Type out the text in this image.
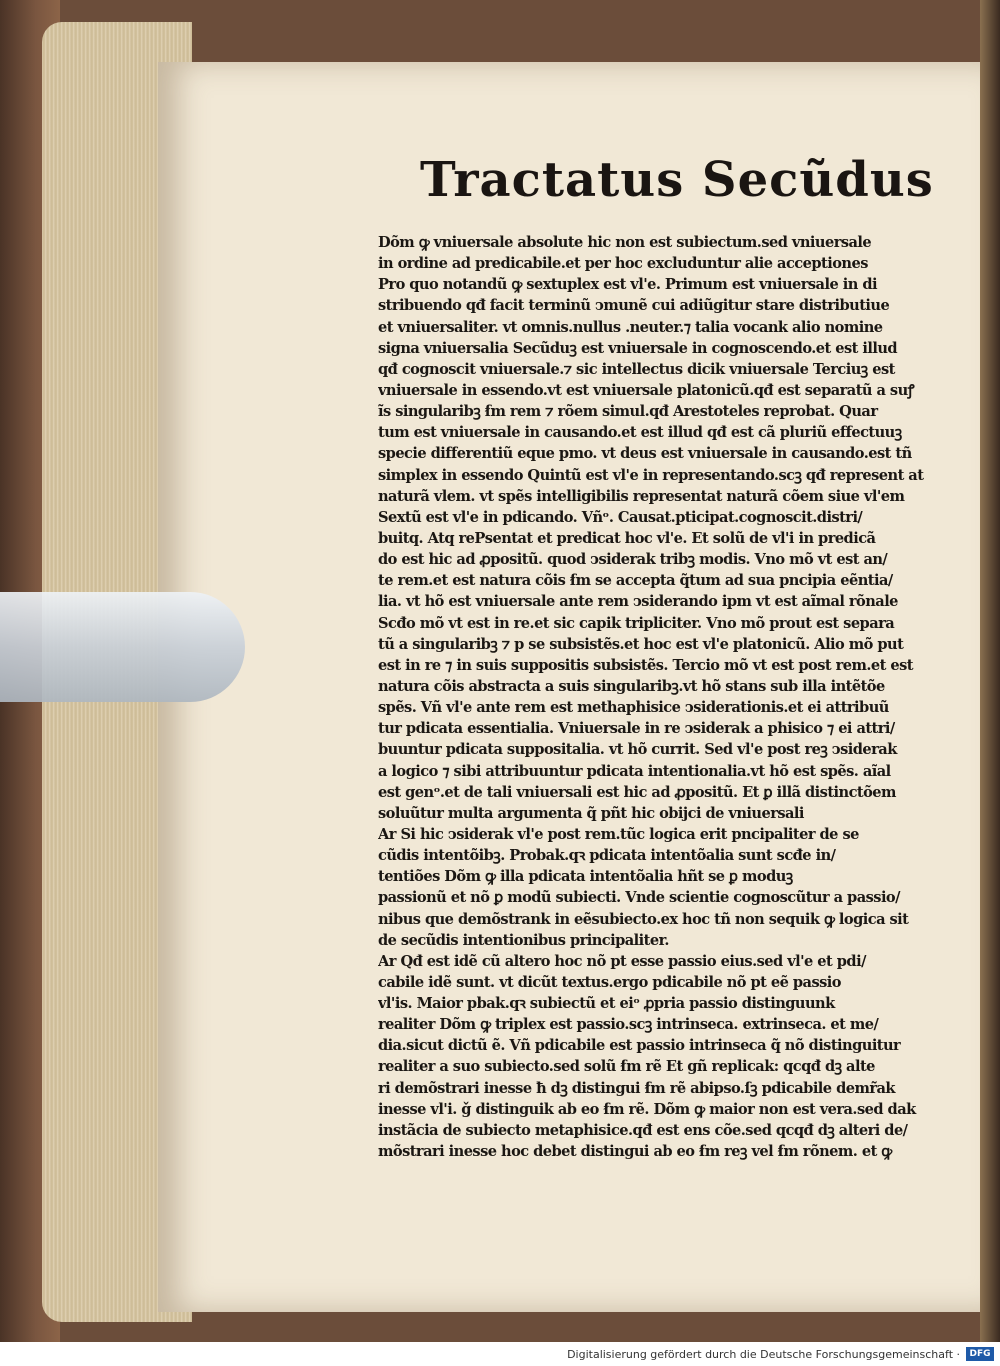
Tractatus Secũdus
Dõm ꝙ vniuersale absolute hic non est subiectum.sed vniuersale
in ordine ad predicabile.et per hoc excluduntur alie acceptiones
Pro quo notandũ ꝙ sextuplex est vl'e. Primum est vniuersale in di
stribuendo qđ facit terminũ ↄmunẽ cui adiũgitur stare distributiue
et vniuersaliter. vt omnis.nullus .neuter.⁊ talia vocank alio nomine
signa vniuersalia Secũduꝫ est vniuersale in cognoscendo.et est illud
qđ cognoscit vniuersale.⁊ sic intellectus dicik vniuersale Terciuꝫ est
vniuersale in essendo.vt est vniuersale platonicũ.qđ est separatũ a suꝭ
ĩs singularibꝫ ẜm rem ⁊ rõem simul.qđ Arestoteles reprobat. Quar
tum est vniuersale in causando.et est illud qđ est cã pluriũ effectuuꝫ
specie differentiũ eque pmo. vt deus est vniuersale in causando.est tñ
simplex in essendo Quintũ est vl'e in representando.scꝫ qđ represent at
naturã vlem. vt spẽs intelligibilis representat naturã cõem siue vl'em
Sextũ est vl'e in pdicando. Vñᵒ. Causat.pticipat.cognoscit.distri/
buitq. Atq rePsentat et predicat hoc vl'e. Et solũ de vl'i in predicã
do est hic ad ꝓpositũ. quod ↄsiderak tribꝫ modis. Vno mõ vt est an/
te rem.et est natura cõis ẜm se accepta q̃tum ad sua pncipia eẽntia/
lia. vt hõ est vniuersale ante rem ↄsiderando ipm vt est aĩmal rõnale
Scđo mõ vt est in re.et sic capik tripliciter. Vno mõ prout est separa
tũ a singularibꝫ ⁊ p se subsistẽs.et hoc est vl'e platonicũ. Alio mõ put
est in re ⁊ in suis suppositis subsistẽs. Tercio mõ vt est post rem.et est
natura cõis abstracta a suis singularibꝫ.vt hõ stans sub illa intẽtõe
spẽs. Vñ vl'e ante rem est methaphisice ↄsiderationis.et ei attribuũ
tur pdicata essentialia. Vniuersale in re ↄsiderak a phisico ⁊ ei attri/
buuntur pdicata suppositalia. vt hõ currit. Sed vl'e post reꝫ ↄsiderak
a logico ⁊ sibi attribuuntur pdicata intentionalia.vt hõ est spẽs. aĩal
est genᵒ.et de tali vniuersali est hic ad ꝓpositũ. Et ꝑ illã distinctõem
soluũtur multa argumenta q̃ pñt hic obijci de vniuersali
Ar Si hic ↄsiderak vl'e post rem.tũc logica erit pncipaliter de se
cũdis intentõibꝫ. Probak.qꝛ pdicata intentõalia sunt scđe in/
tentiões Dõm ꝙ illa pdicata intentõalia hñt se ꝑ moduꝫ
passionũ et nõ ꝑ modũ subiecti. Vnde scientie cognoscũtur a passio/
nibus que demõstrank in eẽsubiecto.ex hoc tñ non sequik ꝙ logica sit
de secũdis intentionibus principaliter.
Ar Qđ est idẽ cũ altero hoc nõ pt esse passio eius.sed vl'e et pdi/
cabile idẽ sunt. vt dicũt textus.ergo pdicabile nõ pt eẽ passio
vl'is. Maior pbak.qꝛ subiectũ et eiᵒ ꝓpria passio distinguunk
realiter Dõm ꝙ triplex est passio.scꝫ intrinseca. extrinseca. et me/
dia.sicut dictũ ẽ. Vñ pdicabile est passio intrinseca q̃ nõ distinguitur
realiter a suo subiecto.sed solũ ẜm rẽ Et gñ replicak: qcqđ dꝫ alte
ri demõstrari inesse ħ dꝫ distingui ẜm rẽ abipso.ſꝫ pdicabile demr̃ak
inesse vl'i. ǧ distinguik ab eo ẜm rẽ. Dõm ꝙ maior non est vera.sed dak
instãcia de subiecto metaphisice.qđ est ens cõe.sed qcqđ dꝫ alteri de/
mõstrari inesse hoc debet distingui ab eo ẜm reꝫ vel ẜm rõnem. et ꝙ
Digitalisierung gefördert durch die Deutsche Forschungsgemeinschaft ·	DFG
